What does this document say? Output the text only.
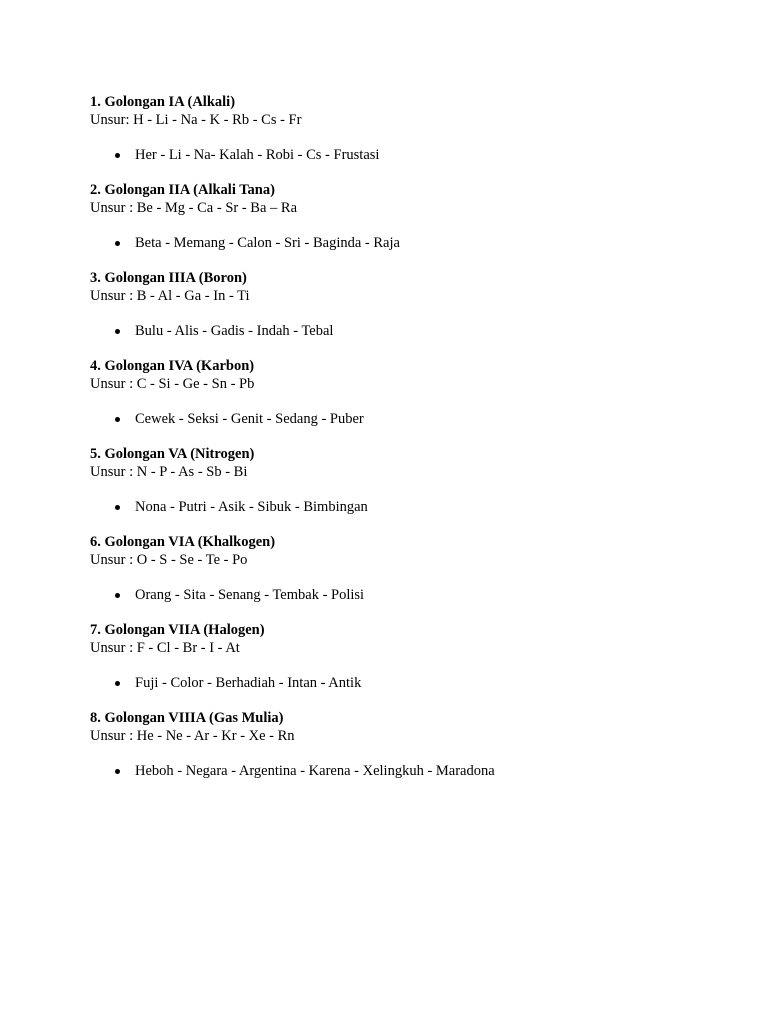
1. Golongan IA (Alkali)
Unsur: H - Li - Na - K - Rb - Cs - Fr
Her - Li - Na- Kalah - Robi - Cs - Frustasi
2. Golongan IIA (Alkali Tana)
Unsur : Be - Mg - Ca - Sr - Ba – Ra
Beta - Memang - Calon - Sri - Baginda - Raja
3. Golongan IIIA (Boron)
Unsur : B - Al - Ga - In - Ti
Bulu - Alis - Gadis - Indah - Tebal
4. Golongan IVA (Karbon)
Unsur : C - Si - Ge - Sn - Pb
Cewek - Seksi - Genit - Sedang - Puber
5. Golongan VA (Nitrogen)
Unsur : N - P - As - Sb - Bi
Nona - Putri - Asik - Sibuk - Bimbingan
6. Golongan VIA (Khalkogen)
Unsur : O - S - Se - Te - Po
Orang - Sita - Senang - Tembak - Polisi
7. Golongan VIIA (Halogen)
Unsur : F - Cl - Br - I - At
Fuji - Color - Berhadiah - Intan - Antik
8. Golongan VIIIA (Gas Mulia)
Unsur : He - Ne - Ar - Kr - Xe - Rn
Heboh - Negara - Argentina - Karena - Xelingkuh - Maradona
